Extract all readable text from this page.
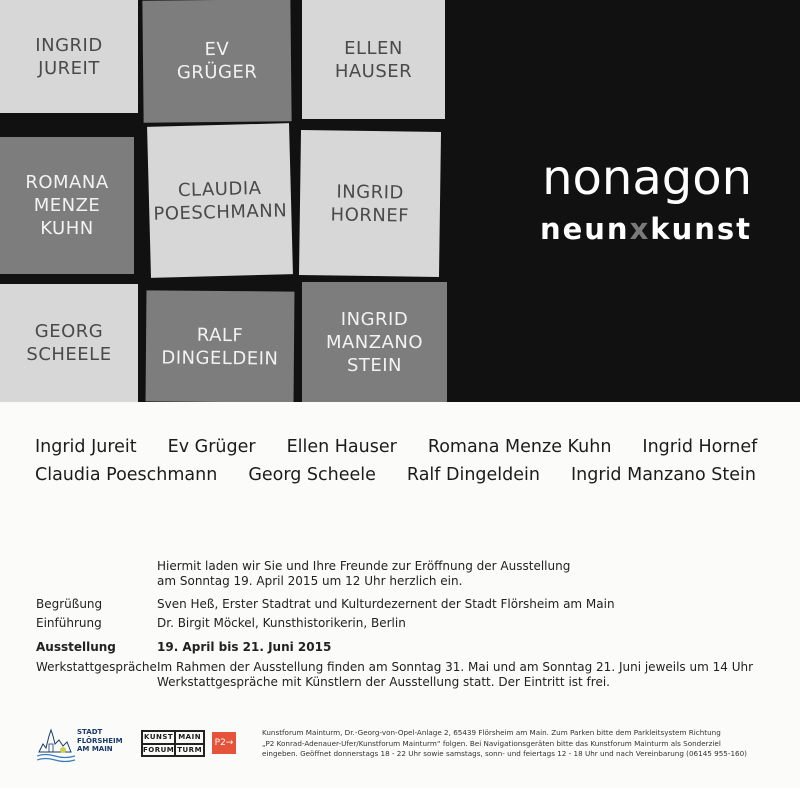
INGRID
JUREIT
EV
GRÜGER
ELLEN
HAUSER
ROMANA
MENZE
KUHN
CLAUDIA
POESCHMANN
INGRID
HORNEF
GEORG
SCHEELE
RALF
DINGELDEIN
INGRID
MANZANO
STEIN
nonagon
neunxkunst
Ingrid Jureit Ev Grüger Ellen Hauser Romana Menze Kuhn Ingrid Hornef
Claudia Poeschmann Georg Scheele Ralf Dingeldein Ingrid Manzano Stein
Hiermit laden wir Sie und Ihre Freunde zur Eröffnung der Ausstellung
am Sonntag 19. April 2015 um 12 Uhr herzlich ein.
Begrüßung	Sven Heß, Erster Stadtrat und Kulturdezernent der Stadt Flörsheim am Main
Einführung	Dr. Birgit Möckel, Kunsthistorikerin, Berlin
Ausstellung	19. April bis 21. Juni 2015
Werkstattgespräche Im Rahmen der Ausstellung finden am Sonntag 31. Mai und am Sonntag 21. Juni jeweils um 14 Uhr
Werkstattgespräche mit Künstlern der Ausstellung statt. Der Eintritt ist frei.
STADT
FLÖRSHEIM
AM MAIN
KUNST MAIN
FORUM TURM
P2 →
Kunstforum Mainturm, Dr.-Georg-von-Opel-Anlage 2, 65439 Flörsheim am Main. Zum Parken bitte dem Parkleitsystem Richtung
„P2 Konrad-Adenauer-Ufer/Kunstforum Mainturm“ folgen. Bei Navigationsgeräten bitte das Kunstforum Mainturm als Sonderziel
eingeben. Geöffnet donnerstags 18 - 22 Uhr sowie samstags, sonn- und feiertags 12 - 18 Uhr und nach Vereinbarung (06145 955-160)
